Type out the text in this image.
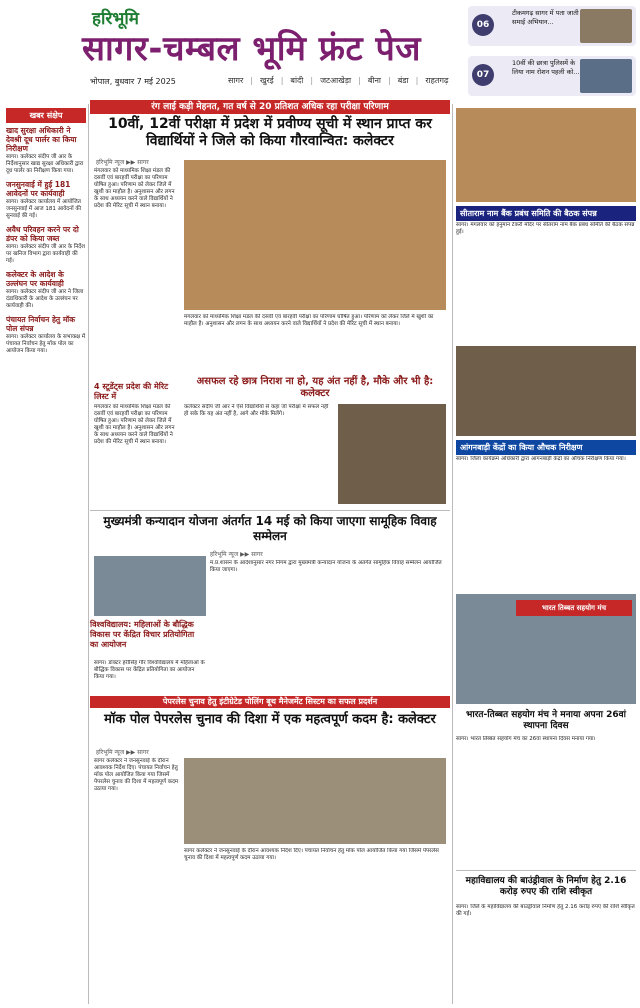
हरिभूमि
सागर-चम्बल भूमि फ्रंट पेज
भोपाल, बुधवार 7 मई 2025	सागर | खुरई | बांदी | जटआखेड़ा | बीना | बंडा | राहतगढ़
06
टीकमगढ़ सागर में पता जाती समाई अभियान...
07
10वीं की छात्रा पुलिसमें के लिया नाम रोशन पहली को...
खबर संक्षेप
खाद सुरक्षा अधिकारी ने देवश्री दूध पार्लर का किया निरीक्षण
सागर। कलेक्टर संदीप जी आर के निर्देशानुसार खाद्य सुरक्षा अधिकारी द्वारा दूध पार्लर का निरीक्षण किया गया।
जनसुनवाई में हुई 181 आवेदनों पर कार्यवाही
सागर। कलेक्टर कार्यालय में आयोजित जनसुनवाई में आज 181 आवेदनों की सुनवाई की गई।
अवैध परिवहन करने पर दो डंपर को किया जब्त
सागर। कलेक्टर संदीप जी आर के निर्देश पर खनिज विभाग द्वारा कार्यवाही की गई।
कलेक्टर के आदेश के उल्लंघन पर कार्यवाही
सागर। कलेक्टर संदीप जी आर ने जिला दंडाधिकारी के आदेश के उल्लंघन पर कार्यवाही की।
पंचायत निर्वाचन हेतु मॉक पोल संपन्न
सागर। कलेक्टर कार्यालय के सभाकक्ष में पंचायत निर्वाचन हेतु मॉक पोल का आयोजन किया गया।
रंग लाई कड़ी मेहनत, गत वर्ष से 20 प्रतिशत अधिक रहा परीक्षा परिणाम
10वीं, 12वीं परीक्षा में प्रदेश में प्रवीण्य सूची में स्थान प्राप्त कर विद्यार्थियों ने जिले को किया गौरवान्वित: कलेक्टर
हरिभूमि न्यूज ▶▶ सागर
मंगलवार को माध्यमिक शिक्षा मंडल की दसवीं एवं बारहवीं परीक्षा का परिणाम घोषित हुआ। परिणाम को लेकर जिले में खुशी का माहौल है। अनुशासन और लगन के साथ अध्ययन करने वाले विद्यार्थियों ने प्रदेश की मेरिट सूची में स्थान बनाया।
मंगलवार को माध्यमिक शिक्षा मंडल की दसवीं एवं बारहवीं परीक्षा का परिणाम घोषित हुआ। परिणाम को लेकर जिले में खुशी का माहौल है। अनुशासन और लगन के साथ अध्ययन करने वाले विद्यार्थियों ने प्रदेश की मेरिट सूची में स्थान बनाया।
4 स्टूडेंट्स प्रदेश की मेरिट लिस्ट में
असफल रहे छात्र निराश ना हो, यह अंत नहीं है, मौके और भी है: कलेक्टर
कलेक्टर संदीप जी आर ने ऐसे विद्यार्थियों से कहा जो परीक्षा में सफल नहीं हो सके कि यह अंत नहीं है, आगे और मौके मिलेंगे।
मंगलवार को माध्यमिक शिक्षा मंडल की दसवीं एवं बारहवीं परीक्षा का परिणाम घोषित हुआ। परिणाम को लेकर जिले में खुशी का माहौल है। अनुशासन और लगन के साथ अध्ययन करने वाले विद्यार्थियों ने प्रदेश की मेरिट सूची में स्थान बनाया।
मुख्यमंत्री कन्यादान योजना अंतर्गत 14 मई को किया जाएगा सामूहिक विवाह सम्मेलन
हरिभूमि न्यूज ▶▶ सागर
म.प्र.शासन के आदेशानुसार नगर निगम द्वारा मुख्यमंत्री कन्यादान योजना के अंतर्गत सामूहिक विवाह सम्मेलन आयोजित किया जाएगा।
विश्वविद्यालय: महिलाओं के बौद्धिक विकास पर केंद्रित विचार प्रतियोगिता का आयोजन
सागर। डॉक्टर हरीसिंह गौर विश्वविद्यालय में महिलाओं के बौद्धिक विकास पर केंद्रित प्रतियोगिता का आयोजन किया गया।
पेपरलेस चुनाव हेतु इंटीग्रेटेड पोलिंग बूथ मैनेजमेंट सिस्टम का सफल प्रदर्शन
मॉक पोल पेपरलेस चुनाव की दिशा में एक महत्वपूर्ण कदम है: कलेक्टर
हरिभूमि न्यूज ▶▶ सागर
सागर कलेक्टर ने जनसुनवाई के दौरान आवश्यक निर्देश दिए। पंचायत निर्वाचन हेतु मॉक पोल आयोजित किया गया जिसमें पेपरलेस चुनाव की दिशा में महत्वपूर्ण कदम उठाया गया।
सागर कलेक्टर ने जनसुनवाई के दौरान आवश्यक निर्देश दिए। पंचायत निर्वाचन हेतु मॉक पोल आयोजित किया गया जिसमें पेपरलेस चुनाव की दिशा में महत्वपूर्ण कदम उठाया गया।
सीताराम नाम बैंक प्रबंध समिति की बैठक संपन्न
सागर। मंगलवार को हनुमान टेकरी मंदिर पर सीतराम नाम बैंक प्रबंध समिति की बैठक संपन्न हुई।
आंगनबाड़ी केंद्रों का किया औचक निरीक्षण
सागर। जिला कार्यक्रम अधिकारी द्वारा आंगनबाड़ी केंद्रों का औचक निरीक्षण किया गया।
भारत तिब्बत सहयोग मंच
भारत-तिब्बत सहयोग मंच ने मनाया अपना 26वां स्थापना दिवस
सागर। भारत तिब्बत सहयोग मंच का 26वां स्थापना दिवस मनाया गया।
महाविद्यालय की बाउंड्रीवाल के निर्माण हेतु 2.16 करोड़ रुपए की राशि स्वीकृत
सागर। जिले के महाविद्यालय की बाउंड्रीवाल निर्माण हेतु 2.16 करोड़ रुपए की राशि स्वीकृत की गई।
